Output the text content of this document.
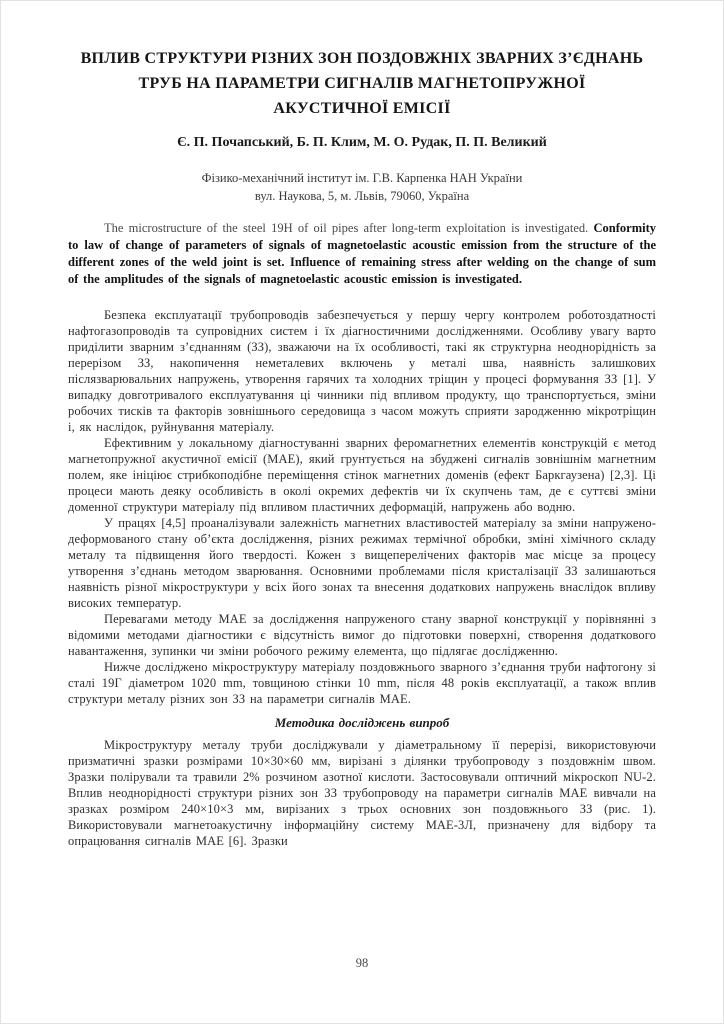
ВПЛИВ СТРУКТУРИ РІЗНИХ ЗОН ПОЗДОВЖНІХ ЗВАРНИХ З’ЄДНАНЬ
ТРУБ НА ПАРАМЕТРИ СИГНАЛІВ МАГНЕТОПРУЖНОЇ
АКУСТИЧНОЇ ЕМІСІЇ
Є. П. Почапський, Б. П. Клим, М. О. Рудак, П. П. Великий
Фізико-механічний інститут ім. Г.В. Карпенка НАН України
вул. Наукова, 5, м. Львів, 79060, Україна

The microstructure of the steel 19H of oil pipes after long-term exploitation is investigated. Conformity to law of change of parameters of signals of magnetoelastic acoustic emission from the structure of the different zones of the weld joint is set. Influence of remaining stress after welding on the change of sum of the amplitudes of the signals of magnetoelastic acoustic emission is investigated.

Безпека експлуатації трубопроводів забезпечується у першу чергу контролем роботоздатності нафтогазопроводів та супровідних систем і їх діагностичними дослідженнями. Особливу увагу варто приділити зварним з’єднанням (ЗЗ), зважаючи на їх особливості, такі як структурна неоднорідність за перерізом ЗЗ, накопичення неметалевих включень у металі шва, наявність залишкових післязварювальних напружень, утворення гарячих та холодних тріщин у процесі формування ЗЗ [1]. У випадку довготривалого експлуатування ці чинники під впливом продукту, що транспортується, зміни робочих тисків та факторів зовнішнього середовища з часом можуть сприяти зародженню мікротріщин і, як наслідок, руйнування матеріалу.

Ефективним у локальному діагностуванні зварних феромагнетних елементів конструкцій є метод магнетопружної акустичної емісії (МАЕ), який грунтується на збуджені сигналів зовнішнім магнетним полем, яке ініціює стрибкоподібне переміщення стінок магнетних доменів (ефект Баркгаузена) [2,3]. Ці процеси мають деяку особливість в околі окремих дефектів чи їх скупчень там, де є суттєві зміни доменної структури матеріалу під впливом пластичних деформацій, напружень або водню.

У працях [4,5] проаналізували залежність магнетних властивостей матеріалу за зміни напружено-деформованого стану об’єкта дослідження, різних режимах термічної обробки, зміні хімічного складу металу та підвищення його твердості. Кожен з вищеперелічених факторів має місце за процесу утворення з’єднань методом зварювання. Основними проблемами після кристалізації ЗЗ залишаються наявність різної мікроструктури у всіх його зонах та внесення додаткових напружень внаслідок впливу високих температур.

Перевагами методу МАЕ за дослідження напруженого стану зварної конструкції у порівнянні з відомими методами діагностики є відсутність вимог до підготовки поверхні, створення додаткового навантаження, зупинки чи зміни робочого режиму елемента, що підлягає дослідженню.

Нижче досліджено мікроструктуру матеріалу поздовжнього зварного з’єднання труби нафтогону зі сталі 19Г діаметром 1020 mm, товщиною стінки 10 mm, після 48 років експлуатації, а також вплив структури металу різних зон ЗЗ на параметри сигналів МАЕ.

Методика досліджень випроб

Мікроструктуру металу труби досліджували у діаметральному її перерізі, використовуючи призматичні зразки розмірами 10×30×60 мм, вирізані з ділянки трубопроводу з поздовжнім швом. Зразки полірували та травили 2% розчином азотної кислоти. Застосовували оптичний мікроскоп NU-2. Вплив неоднорідності структури різних зон ЗЗ трубопроводу на параметри сигналів МАЕ вивчали на зразках розміром 240×10×3 мм, вирізаних з трьох основних зон поздовжнього ЗЗ (рис. 1). Використовували магнетоакустичну інформаційну систему МАЕ-3Л, призначену для відбору та опрацювання сигналів МАЕ [6]. Зразки

98
